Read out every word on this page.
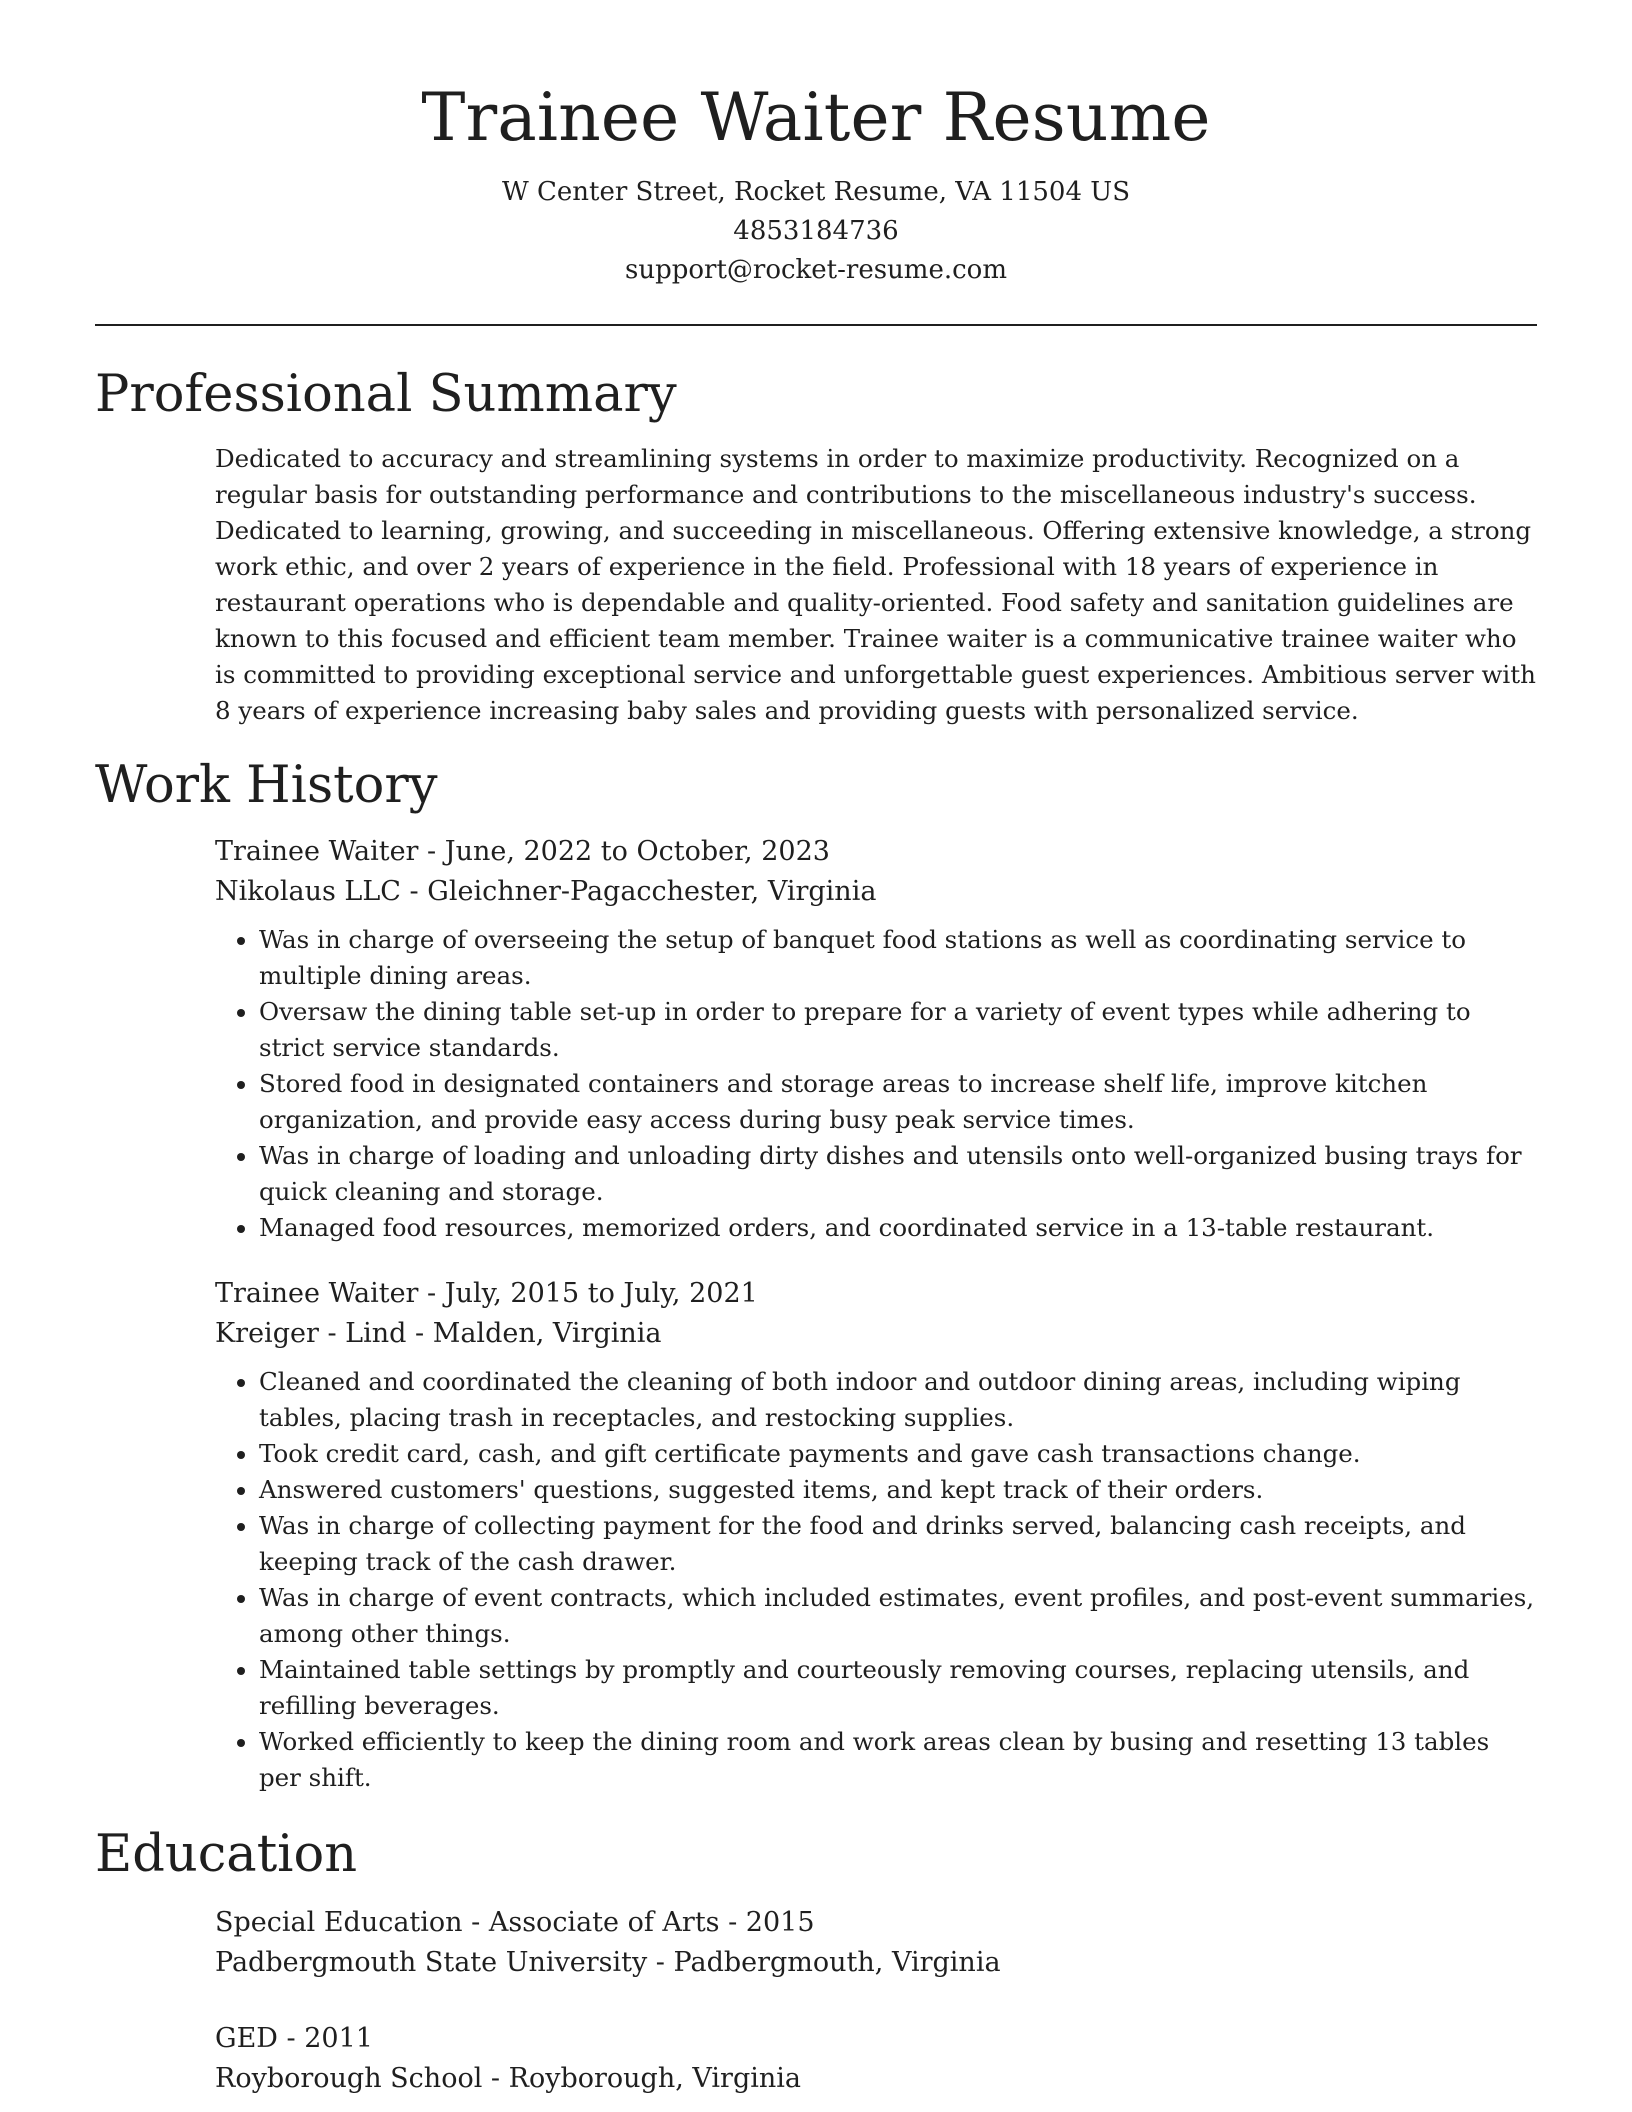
Trainee Waiter Resume
W Center Street, Rocket Resume, VA 11504 US
4853184736
support@rocket-resume.com
Professional Summary

Dedicated to accuracy and streamlining systems in order to maximize productivity. Recognized on a regular basis for outstanding performance and contributions to the miscellaneous industry's success. Dedicated to learning, growing, and succeeding in miscellaneous. Offering extensive knowledge, a strong work ethic, and over 2 years of experience in the field. Professional with 18 years of experience in restaurant operations who is dependable and quality-oriented. Food safety and sanitation guidelines are known to this focused and efficient team member. Trainee waiter is a communicative trainee waiter who is committed to providing exceptional service and unforgettable guest experiences. Ambitious server with 8 years of experience increasing baby sales and providing guests with personalized service.

Work History
Trainee Waiter - June, 2022 to October, 2023
Nikolaus LLC - Gleichner-Pagacchester, Virginia
• Was in charge of overseeing the setup of banquet food stations as well as coordinating service to multiple dining areas.
• Oversaw the dining table set-up in order to prepare for a variety of event types while adhering to strict service standards.
• Stored food in designated containers and storage areas to increase shelf life, improve kitchen organization, and provide easy access during busy peak service times.
• Was in charge of loading and unloading dirty dishes and utensils onto well-organized busing trays for quick cleaning and storage.
• Managed food resources, memorized orders, and coordinated service in a 13-table restaurant.
Trainee Waiter - July, 2015 to July, 2021
Kreiger - Lind - Malden, Virginia
• Cleaned and coordinated the cleaning of both indoor and outdoor dining areas, including wiping tables, placing trash in receptacles, and restocking supplies.
• Took credit card, cash, and gift certificate payments and gave cash transactions change.
• Answered customers' questions, suggested items, and kept track of their orders.
• Was in charge of collecting payment for the food and drinks served, balancing cash receipts, and keeping track of the cash drawer.
• Was in charge of event contracts, which included estimates, event profiles, and post-event summaries, among other things.
• Maintained table settings by promptly and courteously removing courses, replacing utensils, and refilling beverages.
• Worked efficiently to keep the dining room and work areas clean by busing and resetting 13 tables per shift.
Education
Special Education - Associate of Arts - 2015
Padbergmouth State University - Padbergmouth, Virginia
GED - 2011
Royborough School - Royborough, Virginia
